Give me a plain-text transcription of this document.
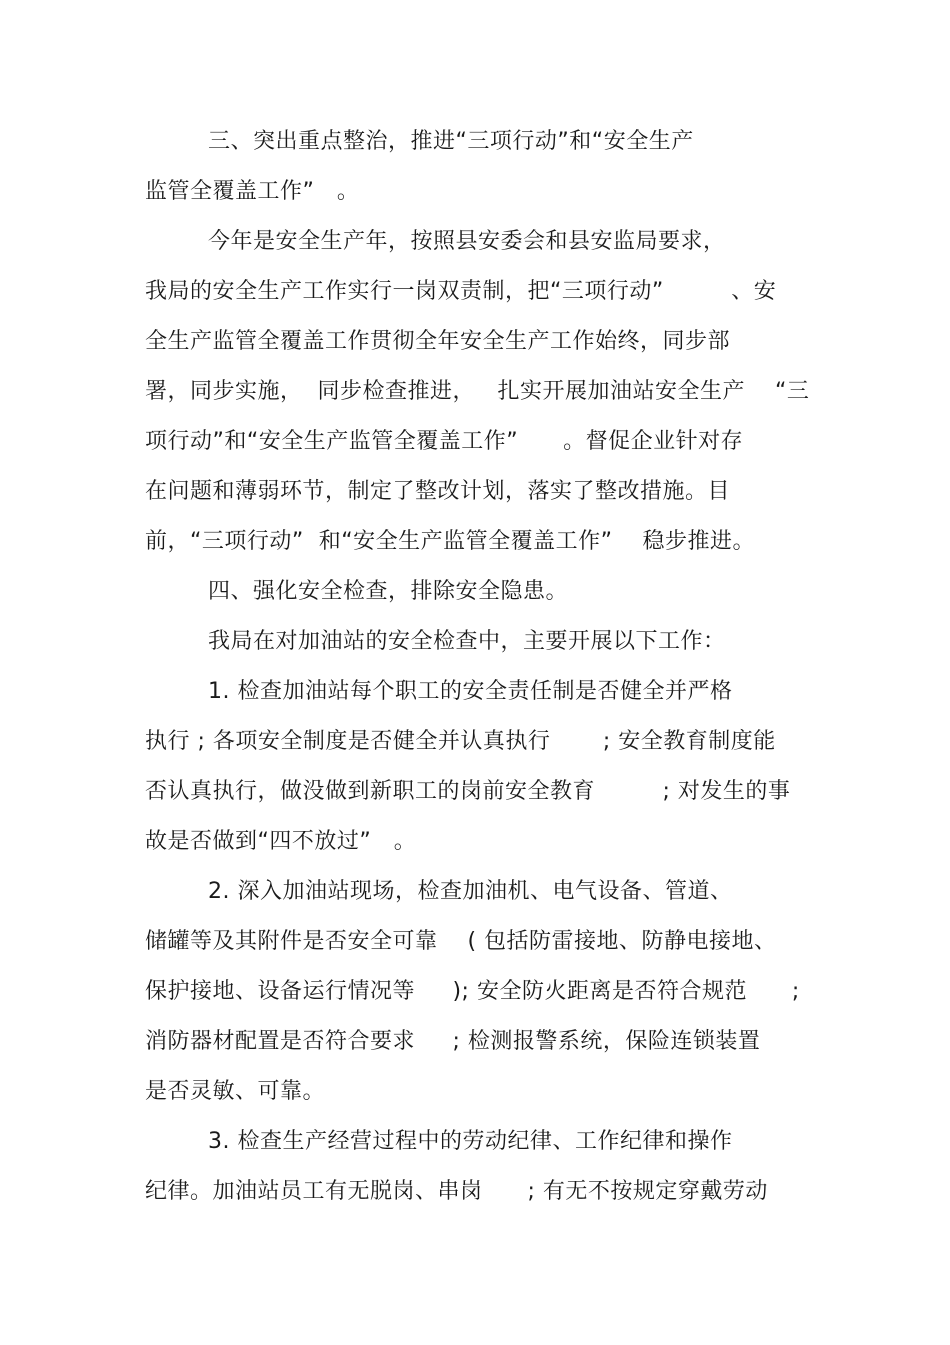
三、突出重点整治，推进“三项行动”和“安全生产
监管全覆盖工作”   。
今年是安全生产年，按照县安委会和县安监局要求，
我局的安全生产工作实行一岗双责制，把“三项行动”         、安
全生产监管全覆盖工作贯彻全年安全生产工作始终，同步部
署，同步实施，  同步检查推进，   扎实开展加油站安全生产    “三
项行动”和“安全生产监管全覆盖工作”      。督促企业针对存
在问题和薄弱环节，制定了整改计划，落实了整改措施。目
前，“三项行动”  和“安全生产监管全覆盖工作”    稳步推进。
四、强化安全检查，排除安全隐患。
我局在对加油站的安全检查中，主要开展以下工作：
1. 检查加油站每个职工的安全责任制是否健全并严格
执行 ; 各项安全制度是否健全并认真执行       ; 安全教育制度能
否认真执行，做没做到新职工的岗前安全教育         ; 对发生的事
故是否做到“四不放过”   。
2. 深入加油站现场，检查加油机、电气设备、管道、
储罐等及其附件是否安全可靠    ( 包括防雷接地、防静电接地、
保护接地、设备运行情况等     ); 安全防火距离是否符合规范      ;
消防器材配置是否符合要求     ; 检测报警系统，保险连锁装置
是否灵敏、可靠。
3. 检查生产经营过程中的劳动纪律、工作纪律和操作
纪律。加油站员工有无脱岗、串岗      ; 有无不按规定穿戴劳动
